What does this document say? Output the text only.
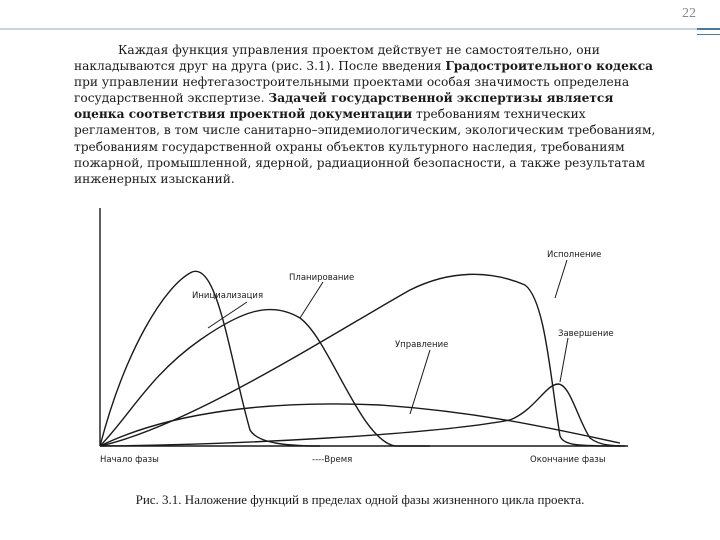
22

Каждая функция управления проектом действует не самостоятельно, они накладываются друг на друга (рис. 3.1). После введения Градостроительного кодекса при управлении нефтегазостроительными проектами особая значимость определена государственной экспертизе. Задачей государственной экспертизы является оценка соответствия проектной документации требованиям технических регламентов, в том числе санитарно–эпидемиологическим, экологическим требованиям, требованиям государственной охраны объектов культурного наследия, требованиям пожарной, промышленной, ядерной, радиационной безопасности, а также результатам инженерных изысканий.

Инициализация
Планирование
Исполнение
Управление
Завершение
Начало фазы	----Время	Окончание фазы
Рис. 3.1. Наложение функций в пределах одной фазы жизненного цикла проекта.
